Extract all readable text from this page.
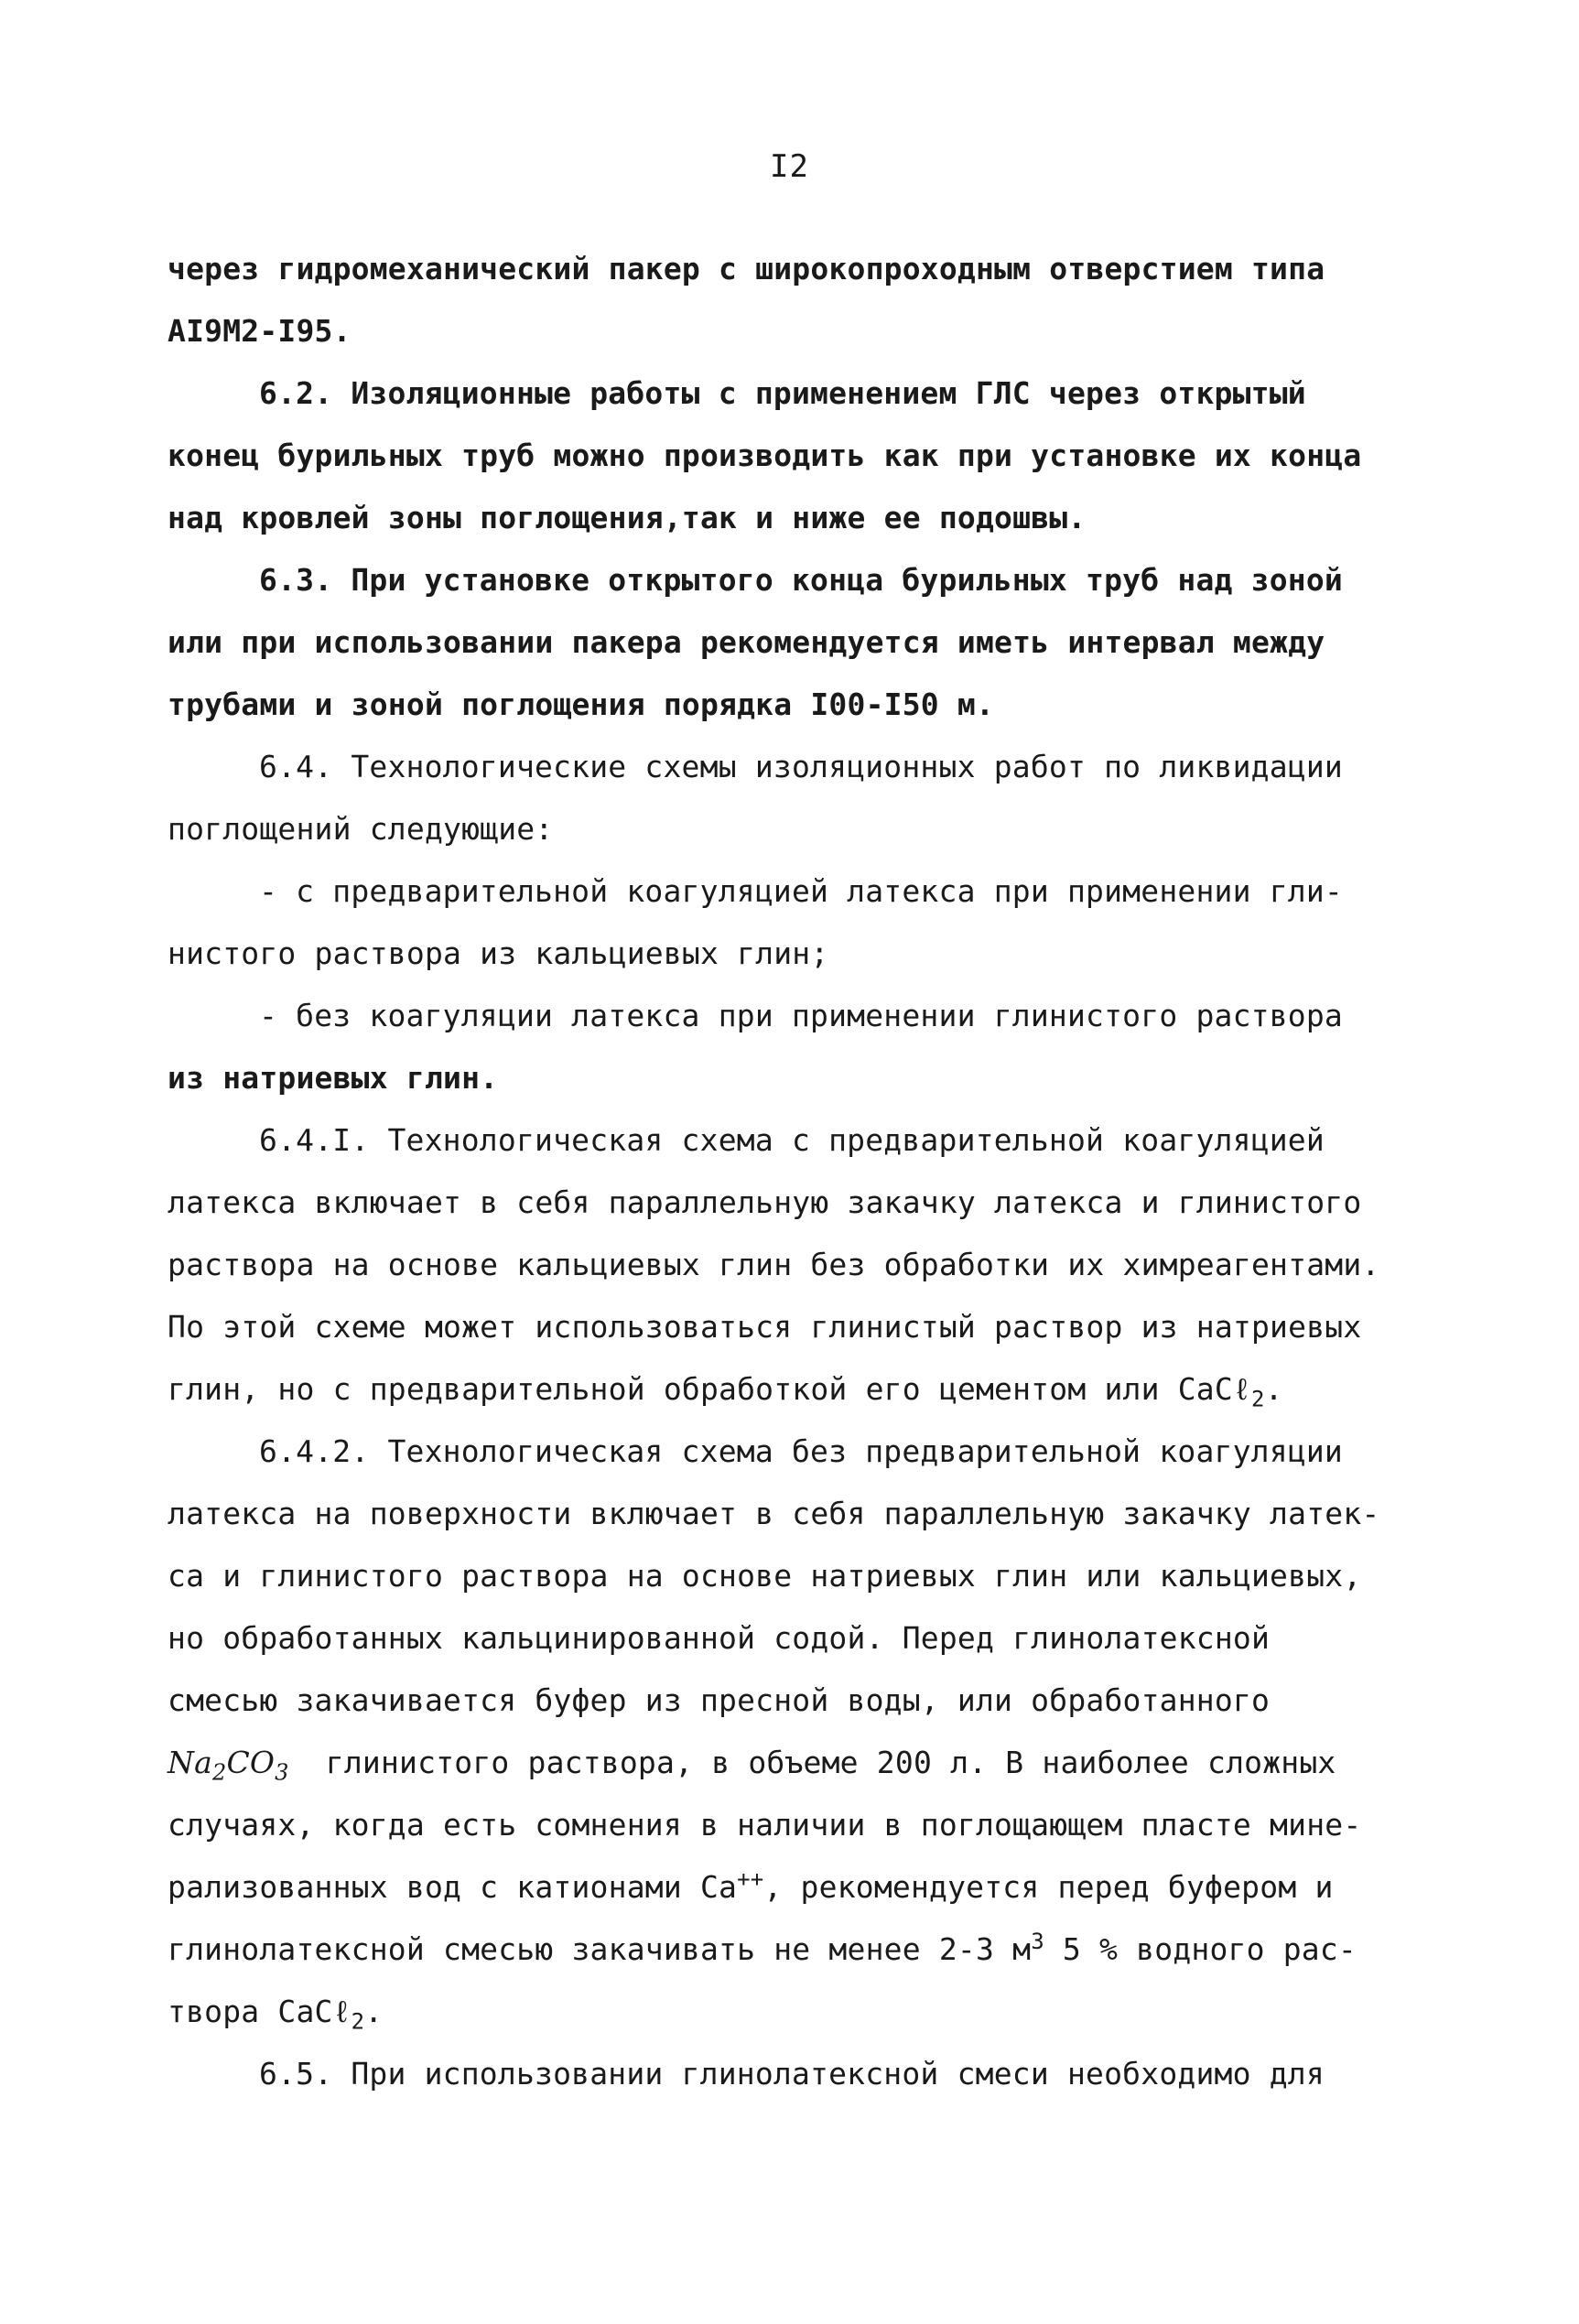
I2
через гидромеханический пакер с широкопроходным отверстием типа
АI9М2-I95.
6.2. Изоляционные работы с применением ГЛС через открытый
конец бурильных труб можно производить как при установке их конца
над кровлей зоны поглощения,так и ниже ее подошвы.
6.3. При установке открытого конца бурильных труб над зоной
или при использовании пакера рекомендуется иметь интервал между
трубами и зоной поглощения порядка I00-I50 м.
6.4. Технологические схемы изоляционных работ по ликвидации
поглощений следующие:
- с предварительной коагуляцией латекса при применении гли-
нистого раствора из кальциевых глин;
- без коагуляции латекса при применении глинистого раствора
из натриевых глин.
6.4.I. Технологическая схема с предварительной коагуляцией
латекса включает в себя параллельную закачку латекса и глинистого
раствора на основе кальциевых глин без обработки их химреагентами.
По этой схеме может использоваться глинистый раствор из натриевых
глин, но с предварительной обработкой его цементом или CaCℓ$_2$.
6.4.2. Технологическая схема без предварительной коагуляции
латекса на поверхности включает в себя параллельную закачку латек-
са и глинистого раствора на основе натриевых глин или кальциевых,
но обработанных кальцинированной содой. Перед глинолатексной
смесью закачивается буфер из пресной воды, или обработанного
$Na_2CO_3$ глинистого раствора, в объеме 200 л. В наиболее сложных
случаях, когда есть сомнения в наличии в поглощающем пласте мине-
рализованных вод с катионами Ca++, рекомендуется перед буфером и
глинолатексной смесью закачивать не менее 2-3 $м^3$ 5 % водного рас-
твора CaCℓ$_2$.
6.5. При использовании глинолатексной смеси необходимо для
